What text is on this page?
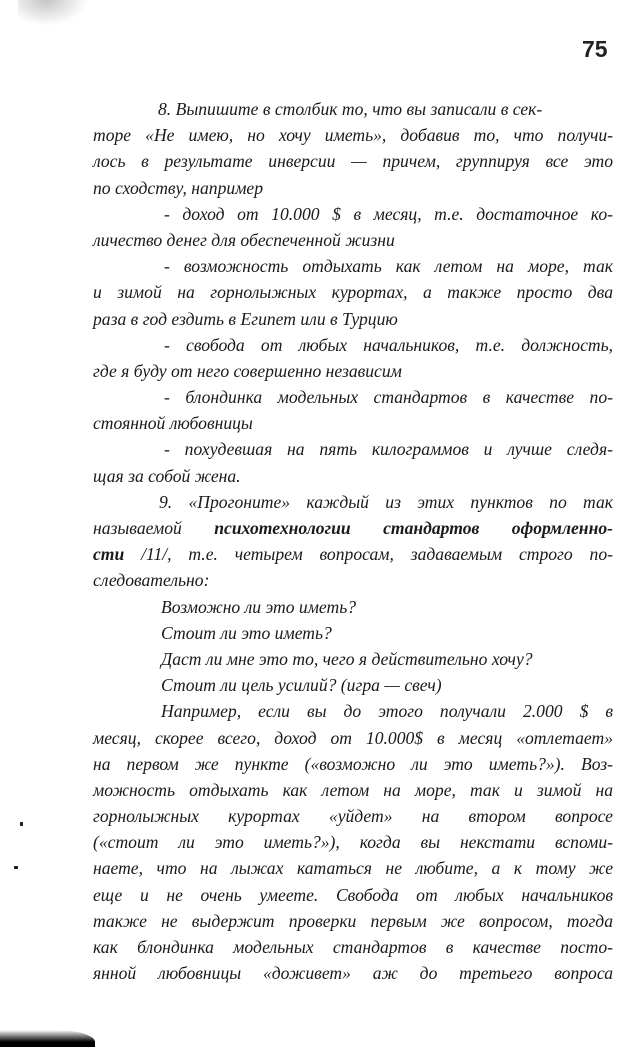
75
8. Выпишите в столбик то, что вы записали в сек-
торе «Не имею, но хочу иметь», добавив то, что получи-
лось в результате инверсии — причем, группируя все это
по сходству, например
- доход от 10.000 $ в месяц, т.е. достаточное ко-
личество денег для обеспеченной жизни
- возможность отдыхать как летом на море, так
и зимой на горнолыжных курортах, а также просто два
раза в год ездить в Египет или в Турцию
- свобода от любых начальников, т.е. должность,
где я буду от него совершенно независим
- блондинка модельных стандартов в качестве по-
стоянной любовницы
- похудевшая на пять килограммов и лучше следя-
щая за собой жена.
9. «Прогоните» каждый из этих пунктов по так
называемой психотехнологии стандартов оформленно-
сти /11/, т.е. четырем вопросам, задаваемым строго по-
следовательно:
Возможно ли это иметь?
Стоит ли это иметь?
Даст ли мне это то, чего я действительно хочу?
Стоит ли цель усилий? (игра — свеч)
Например, если вы до этого получали 2.000 $ в
месяц, скорее всего, доход от 10.000$ в месяц «отлетает»
на первом же пункте («возможно ли это иметь?»). Воз-
можность отдыхать как летом на море, так и зимой на
горнолыжных курортах «уйдет» на втором вопросе
(«стоит ли это иметь?»), когда вы некстати вспоми-
наете, что на лыжах кататься не любите, а к тому же
еще и не очень умеете. Свобода от любых начальников
также не выдержит проверки первым же вопросом, тогда
как блондинка модельных стандартов в качестве посто-
янной любовницы «доживет» аж до третьего вопроса
